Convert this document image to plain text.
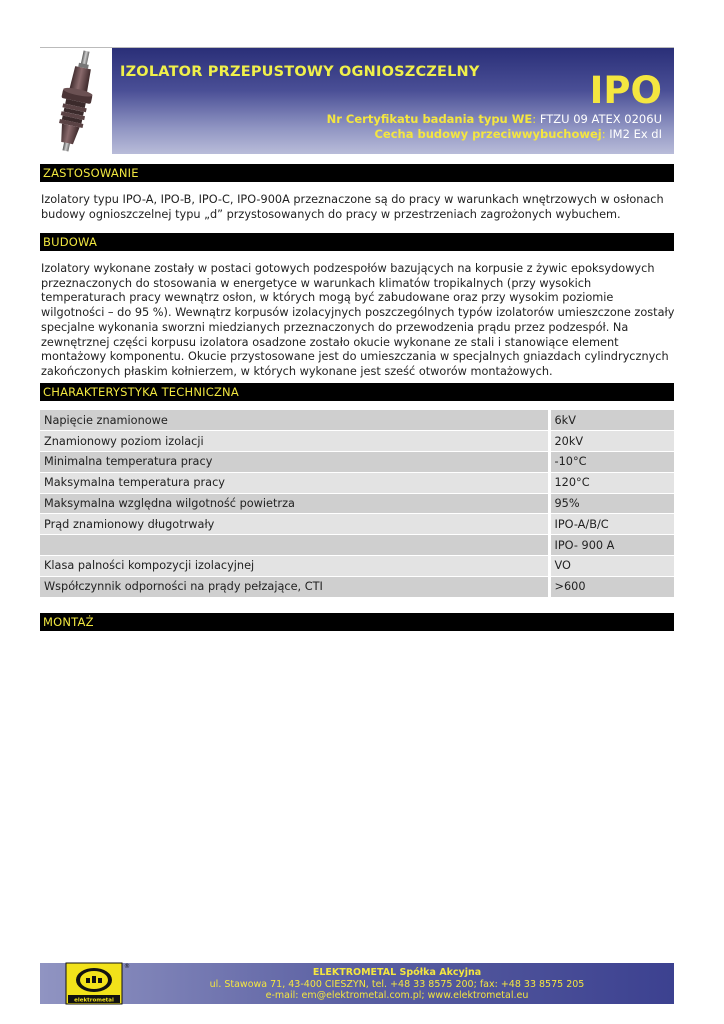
IZOLATOR PRZEPUSTOWY OGNIOSZCZELNY	IPO
Nr Certyfikatu badania typu WE: FTZU 09 ATEX 0206U
Cecha budowy przeciwwybuchowej: IM2 Ex dI
ZASTOSOWANIE
Izolatory typu IPO-A, IPO-B, IPO-C, IPO-900A przeznaczone są do pracy w warunkach wnętrzowych w osłonach budowy ognioszczelnej typu „d” przystosowanych do pracy w przestrzeniach zagrożonych wybuchem.
BUDOWA
Izolatory wykonane zostały w postaci gotowych podzespołów bazujących na korpusie z żywic epoksydowych przeznaczonych do stosowania w energetyce w warunkach klimatów tropikalnych (przy wysokich temperaturach pracy wewnątrz osłon, w których mogą być zabudowane oraz przy wysokim poziomie wilgotności – do 95 %). Wewnątrz korpusów izolacyjnych poszczególnych typów izolatorów umieszczone zostały specjalne wykonania sworzni miedzianych przeznaczonych do przewodzenia prądu przez podzespół. Na zewnętrznej części korpusu izolatora osadzone zostało okucie wykonane ze stali i stanowiące element montażowy komponentu. Okucie przystosowane jest do umieszczania w specjalnych gniazdach cylindrycznych zakończonych płaskim kołnierzem, w których wykonane jest sześć otworów montażowych.
CHARAKTERYSTYKA TECHNICZNA
Napięcie znamionowe	6kV
Znamionowy poziom izolacji	20kV
Minimalna temperatura pracy	-10°C
Maksymalna temperatura pracy	120°C
Maksymalna względna wilgotność powietrza	95%
Prąd znamionowy długotrwały	IPO-A/B/C
	IPO- 900 A
Klasa palności kompozycji izolacyjnej	VO
Współczynnik odporności na prądy pełzające, CTI	>600
MONTAŻ
elektrometal
®
ELEKTROMETAL Spółka Akcyjna
ul. Stawowa 71, 43-400 CIESZYN, tel. +48 33 8575 200; fax: +48 33 8575 205
e-mail: em@elektrometal.com.pl; www.elektrometal.eu
